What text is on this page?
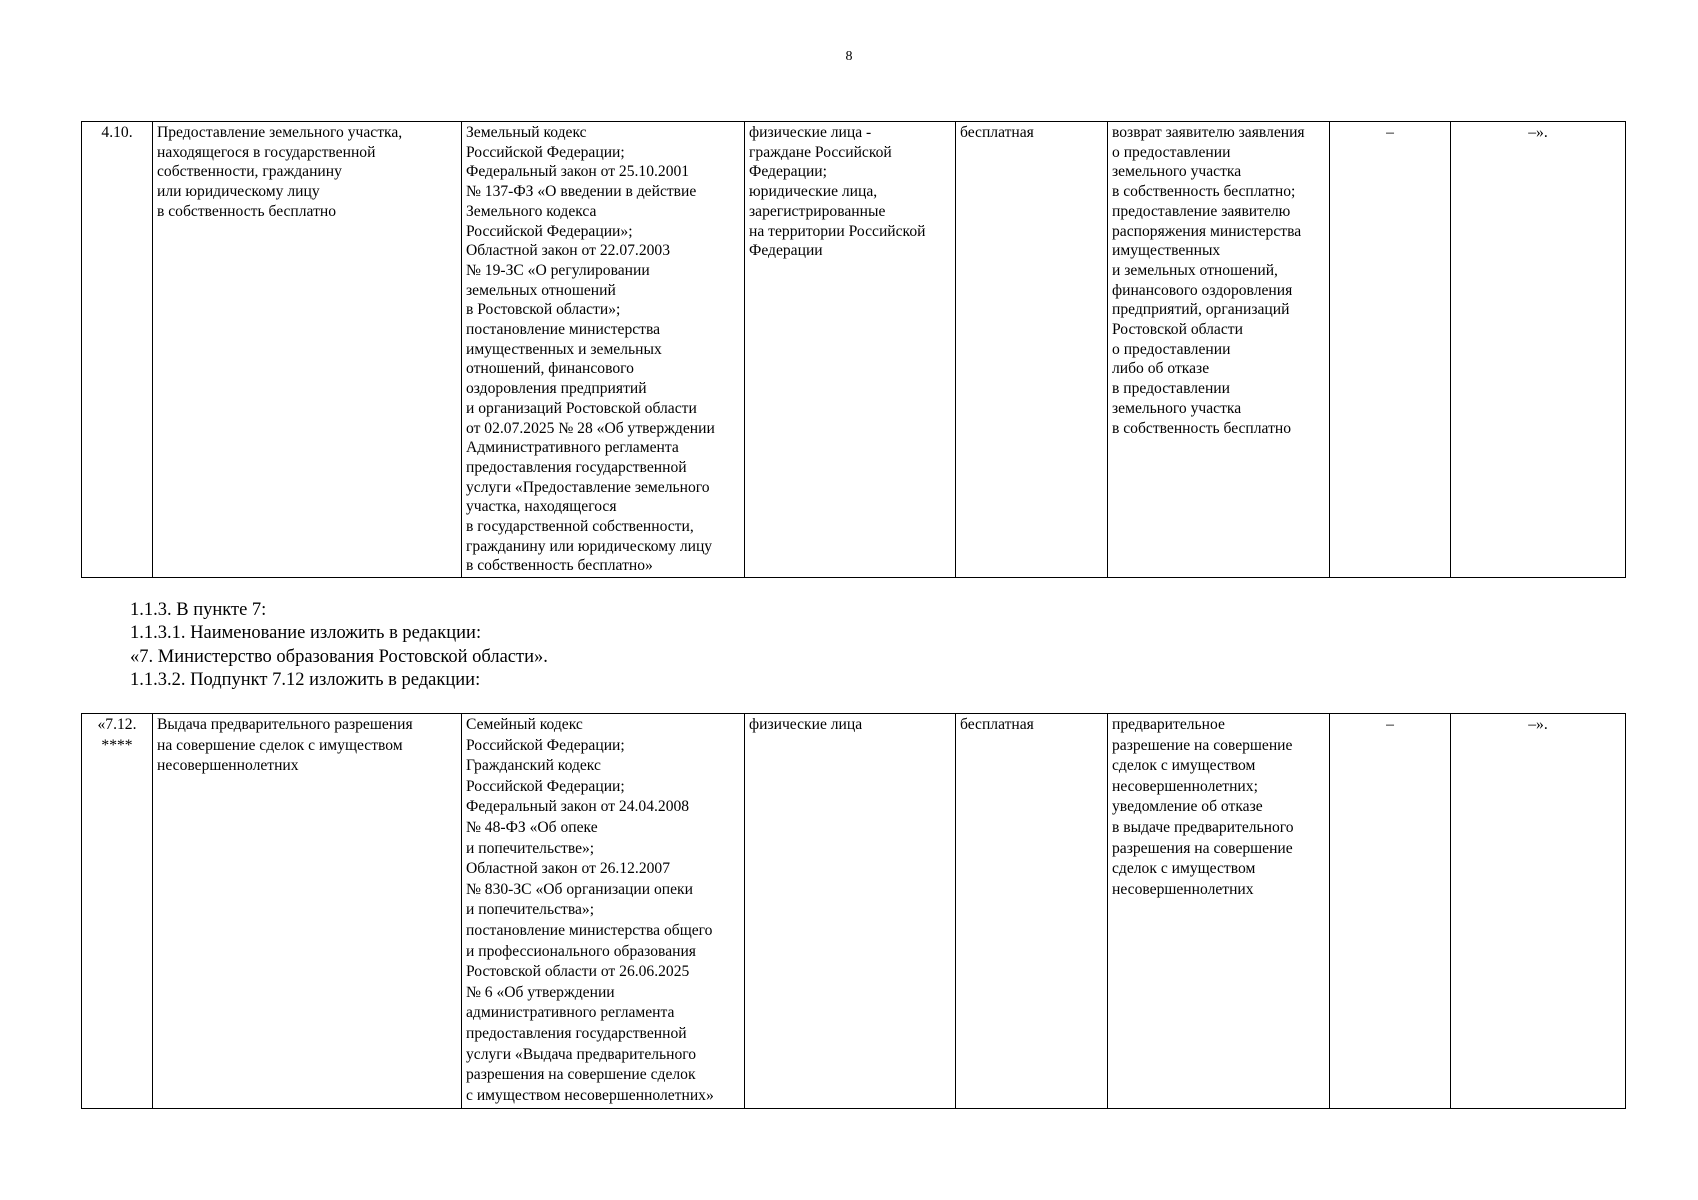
8
4.10.	Предоставление земельного участка,
находящегося в государственной
собственности, гражданину
или юридическому лицу
в собственность бесплатно	Земельный кодекс
Российской Федерации;
Федеральный закон от 25.10.2001
№ 137-ФЗ «О введении в действие
Земельного кодекса
Российской Федерации»;
Областной закон от 22.07.2003
№ 19-ЗС «О регулировании
земельных отношений
в Ростовской области»;
постановление министерства
имущественных и земельных
отношений, финансового
оздоровления предприятий
и организаций Ростовской области
от 02.07.2025 № 28 «Об утверждении
Административного регламента
предоставления государственной
услуги «Предоставление земельного
участка, находящегося
в государственной собственности,
гражданину или юридическому лицу
в собственность бесплатно»	физические лица -
граждане Российской
Федерации;
юридические лица,
зарегистрированные
на территории Российской
Федерации	бесплатная	возврат заявителю заявления
о предоставлении
земельного участка
в собственность бесплатно;
предоставление заявителю
распоряжения министерства
имущественных
и земельных отношений,
финансового оздоровления
предприятий, организаций
Ростовской области
о предоставлении
либо об отказе
в предоставлении
земельного участка
в собственность бесплатно	–	–».

1.1.3. В пункте 7:

1.1.3.1. Наименование изложить в редакции:

«7. Министерство образования Ростовской области».

1.1.3.2. Подпункт 7.12 изложить в редакции:

«7.12.
****	Выдача предварительного разрешения
на совершение сделок с имуществом
несовершеннолетних	Семейный кодекс
Российской Федерации;
Гражданский кодекс
Российской Федерации;
Федеральный закон от 24.04.2008
№ 48-ФЗ «Об опеке
и попечительстве»;
Областной закон от 26.12.2007
№ 830-ЗС «Об организации опеки
и попечительства»;
постановление министерства общего
и профессионального образования
Ростовской области от 26.06.2025
№ 6 «Об утверждении
административного регламента
предоставления государственной
услуги «Выдача предварительного
разрешения на совершение сделок
с имуществом несовершеннолетних»	физические лица	бесплатная	предварительное
разрешение на совершение
сделок с имуществом
несовершеннолетних;
уведомление об отказе
в выдаче предварительного
разрешения на совершение
сделок с имуществом
несовершеннолетних	–	–».
